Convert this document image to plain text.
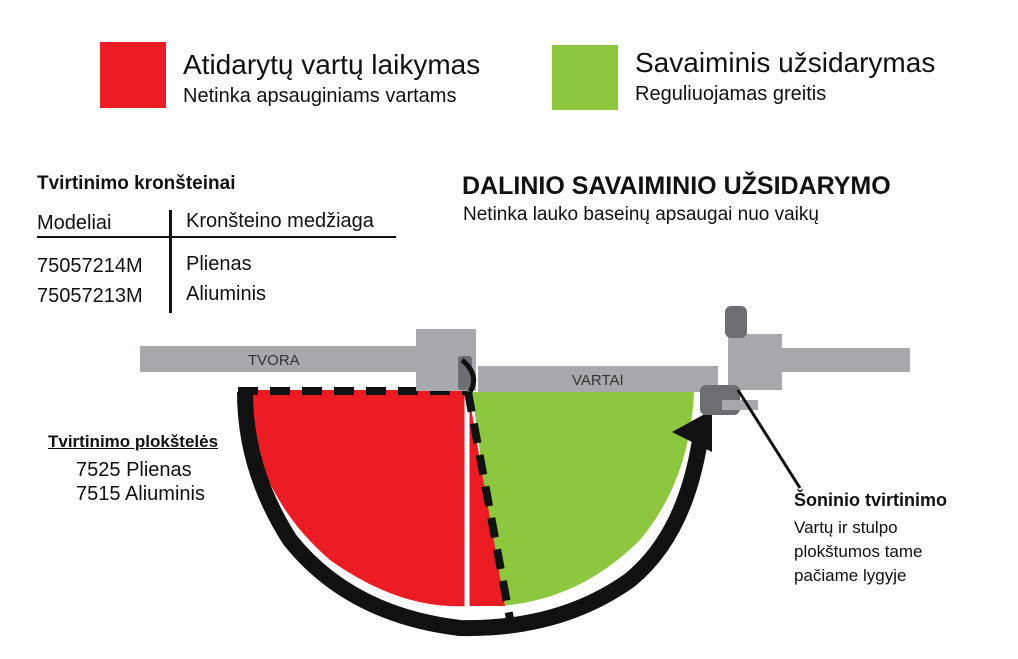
Atidarytų vartų laikymas
Netinka apsauginiams vartams
Savaiminis užsidarymas
Reguliuojamas greitis
DALINIO SAVAIMINIO UŽSIDARYMO
Netinka lauko baseinų apsaugai nuo vaikų
Tvirtinimo kronšteinai
Modeliai	Kronšteino medžiaga
75057214M Plienas
75057213M Aliuminis
TVORA
VARTAI
Tvirtinimo plokštelės
7525 Plienas
7515 Aliuminis	Šoninio tvirtinimo
Vartų ir stulpo plokštumos tame pačiame lygyje
